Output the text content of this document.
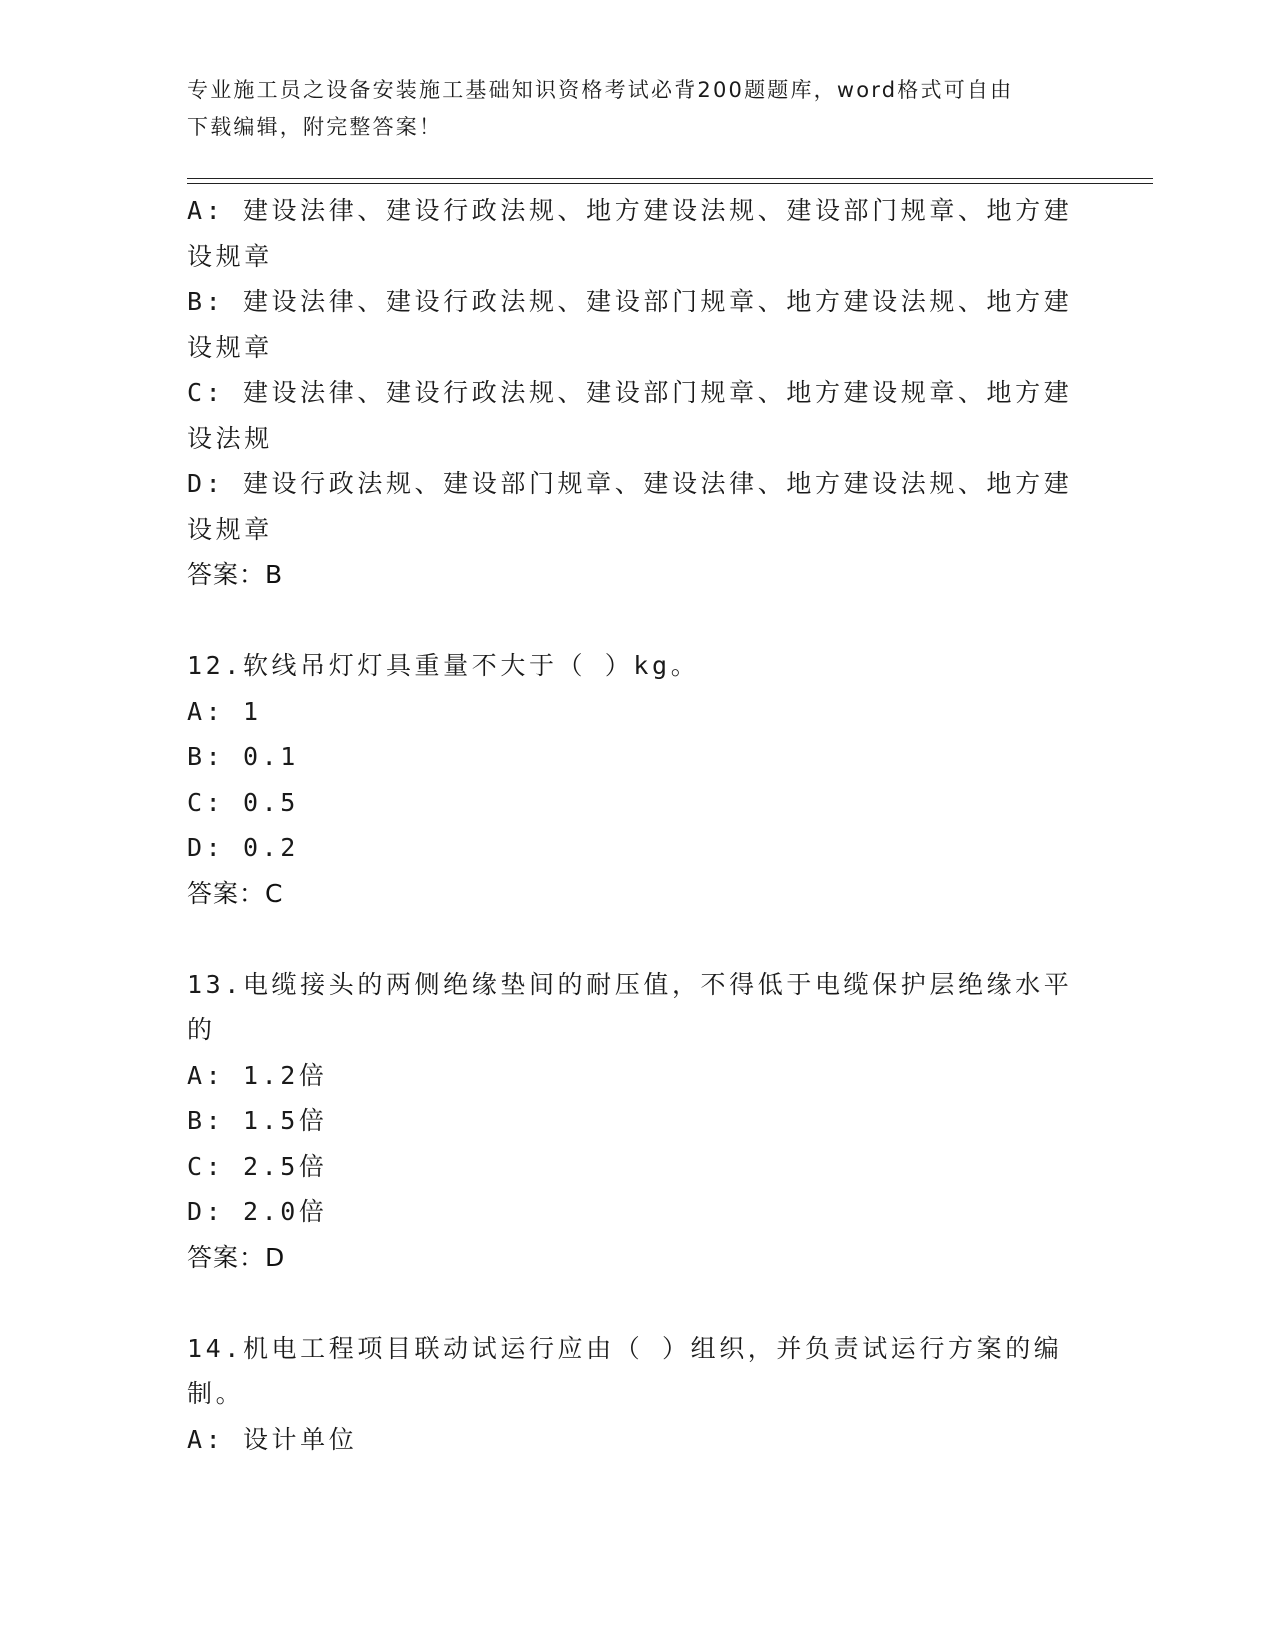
专业施工员之设备安装施工基础知识资格考试必背200题题库，word格式可自由
下载编辑，附完整答案！
A: 建设法律、建设行政法规、地方建设法规、建设部门规章、地方建
设规章
B: 建设法律、建设行政法规、建设部门规章、地方建设法规、地方建
设规章
C: 建设法律、建设行政法规、建设部门规章、地方建设规章、地方建
设法规
D: 建设行政法规、建设部门规章、建设法律、地方建设法规、地方建
设规章
答案：B
12.软线吊灯灯具重量不大于（ ）kg。
A: 1
B: 0.1
C: 0.5
D: 0.2
答案：C
13.电缆接头的两侧绝缘垫间的耐压值，不得低于电缆保护层绝缘水平
的
A: 1.2倍
B: 1.5倍
C: 2.5倍
D: 2.0倍
答案：D
14.机电工程项目联动试运行应由（ ）组织，并负责试运行方案的编
制。
A: 设计单位
